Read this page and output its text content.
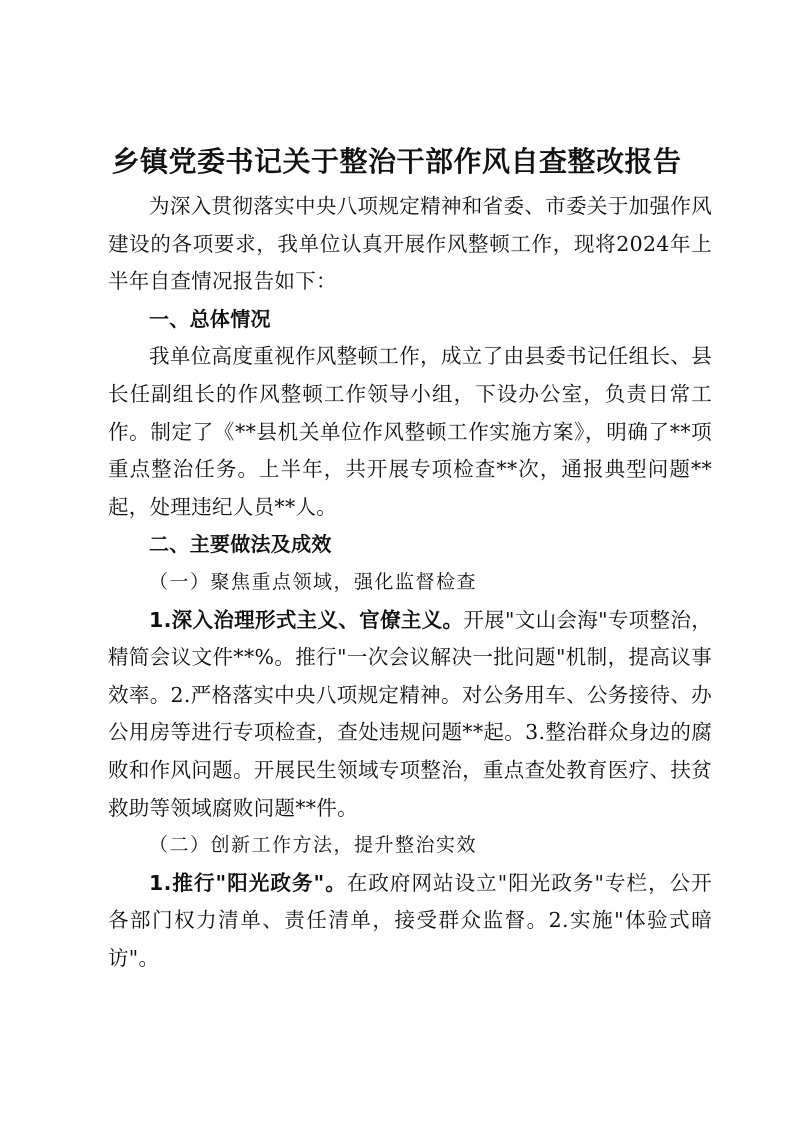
乡镇党委书记关于整治干部作风自查整改报告

为深入贯彻落实中央八项规定精神和省委、市委关于加强作风建设的各项要求，我单位认真开展作风整顿工作，现将2024年上半年自查情况报告如下：

一、总体情况

我单位高度重视作风整顿工作，成立了由县委书记任组长、县长任副组长的作风整顿工作领导小组，下设办公室，负责日常工作。制定了《**县机关单位作风整顿工作实施方案》，明确了**项重点整治任务。上半年，共开展专项检查**次，通报典型问题**起，处理违纪人员**人。

二、主要做法及成效

（一）聚焦重点领域，强化监督检查

1.深入治理形式主义、官僚主义。开展"文山会海"专项整治，精简会议文件**%。推行"一次会议解决一批问题"机制，提高议事效率。2.严格落实中央八项规定精神。对公务用车、公务接待、办公用房等进行专项检查，查处违规问题**起。3.整治群众身边的腐败和作风问题。开展民生领域专项整治，重点查处教育医疗、扶贫救助等领域腐败问题**件。

（二）创新工作方法，提升整治实效

1.推行"阳光政务"。在政府网站设立"阳光政务"专栏，公开各部门权力清单、责任清单，接受群众监督。2.实施"体验式暗访"。
